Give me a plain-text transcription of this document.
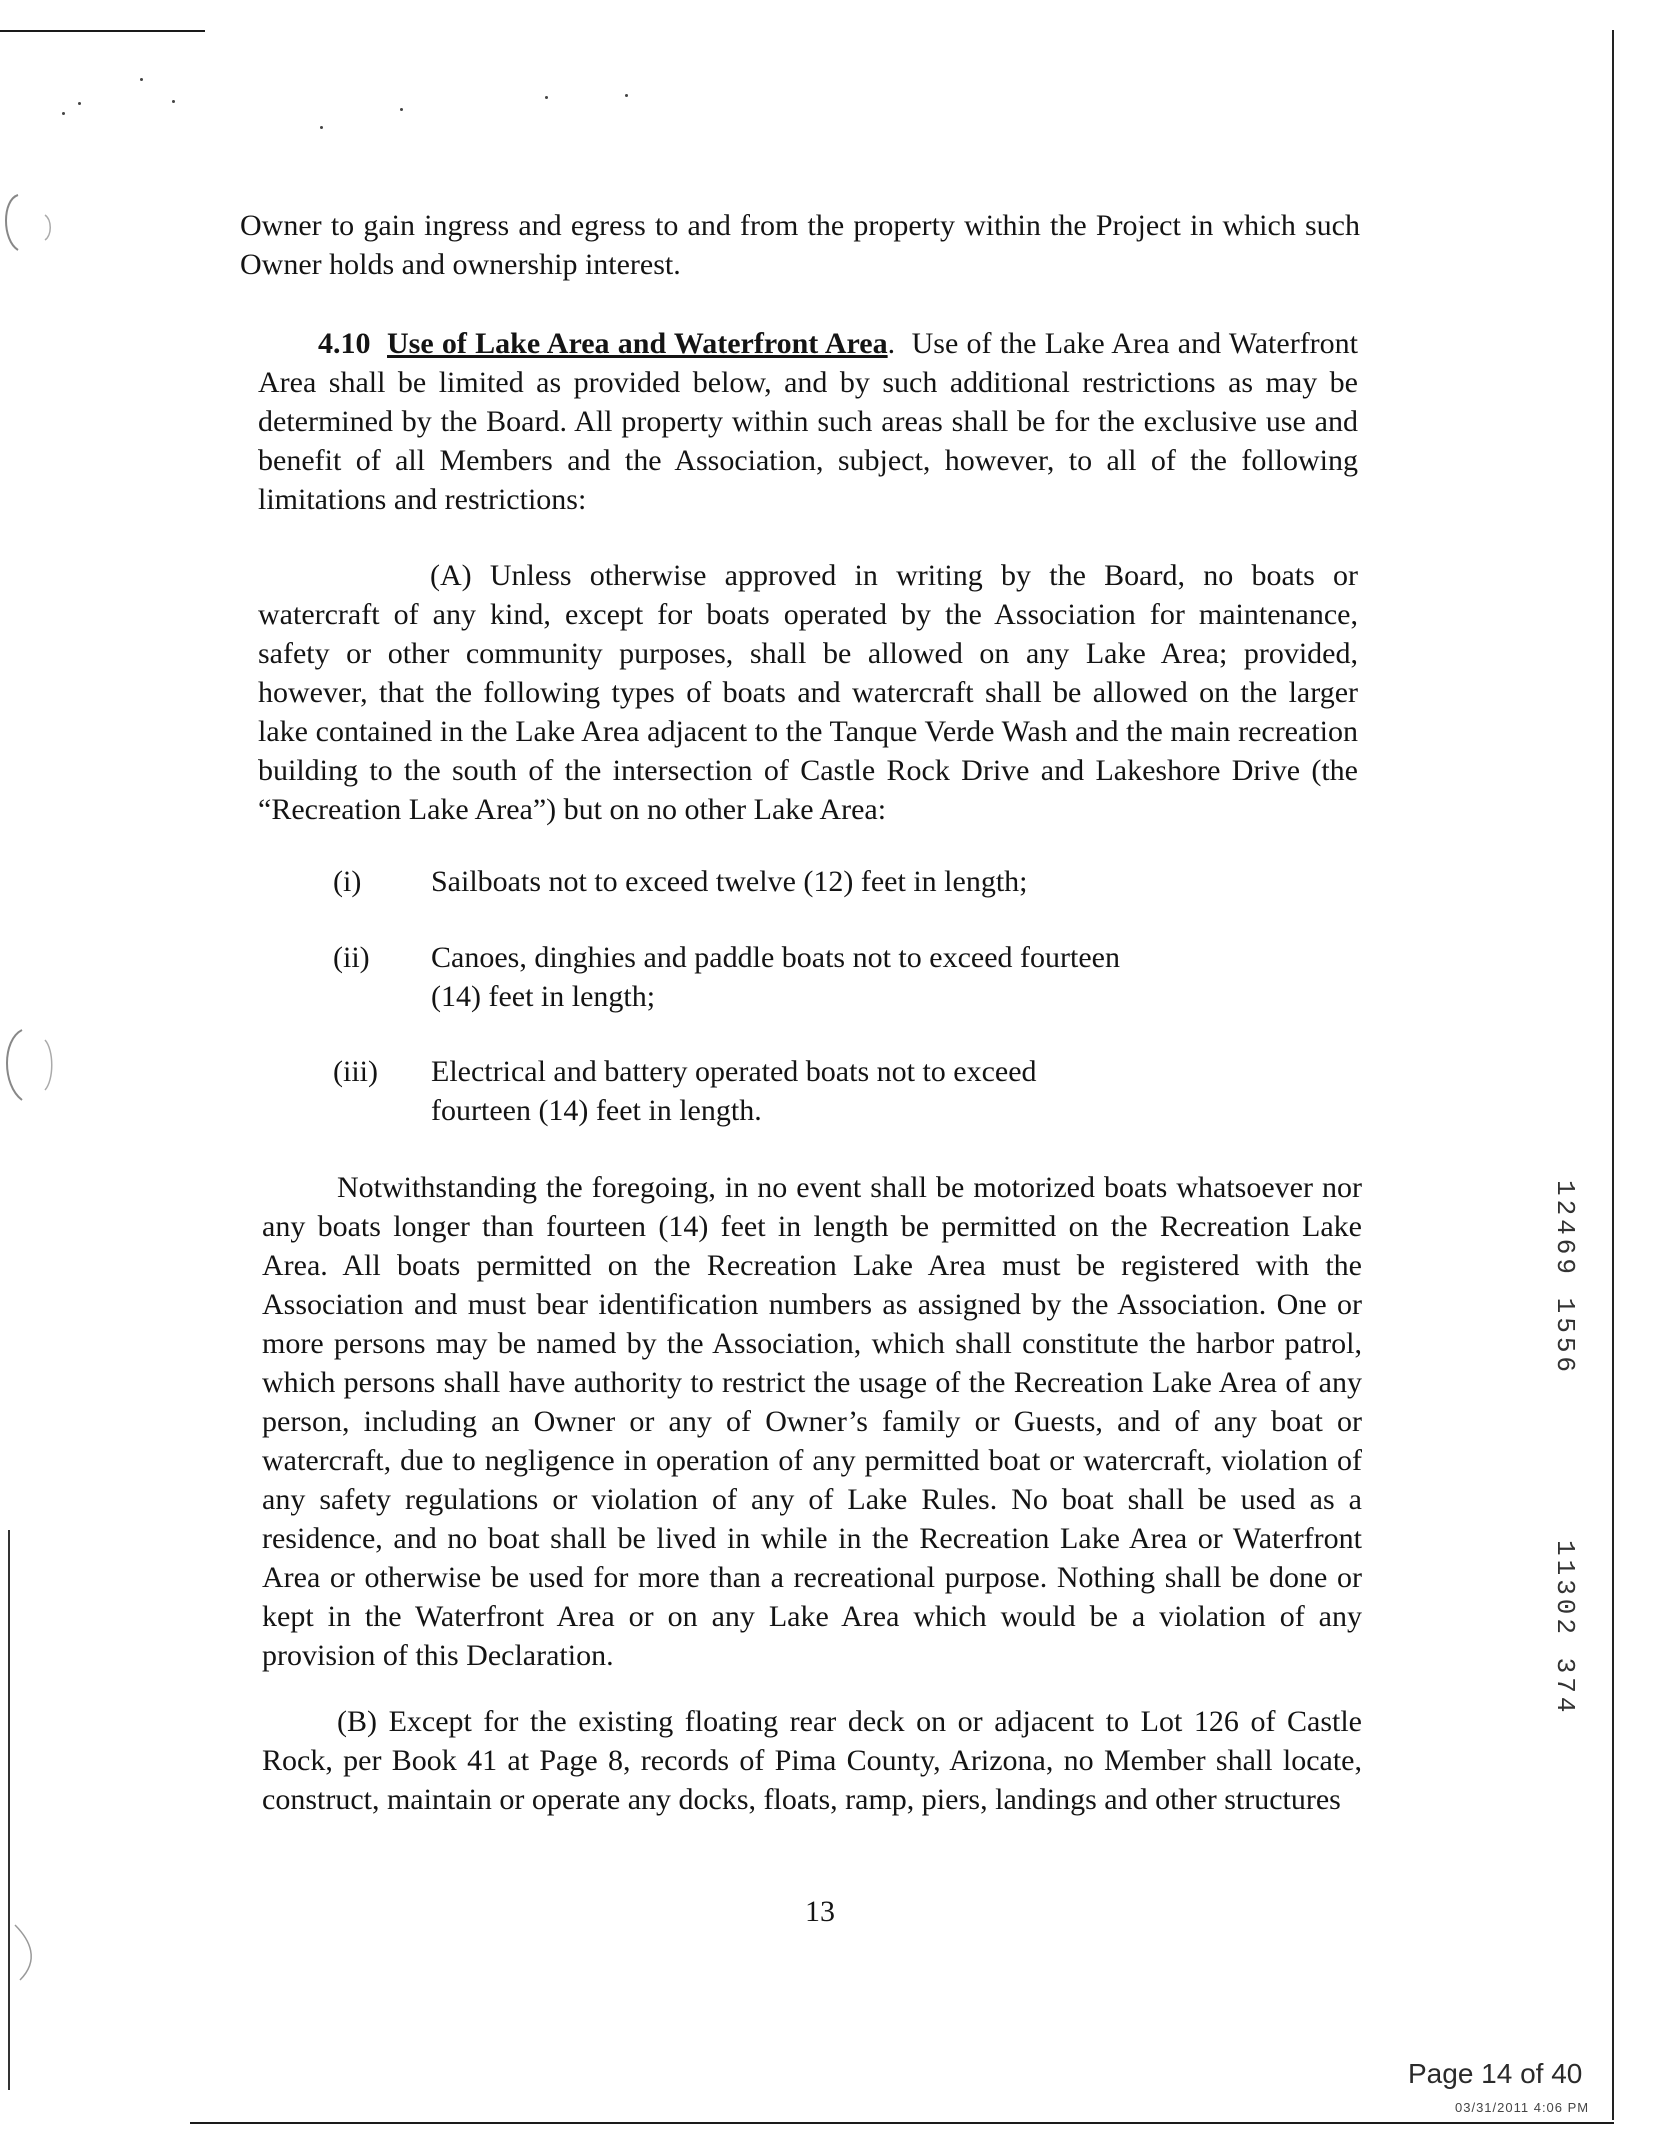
Owner to gain ingress and egress to and from the property within the Project in which such Owner holds and ownership interest.
4.10 Use of Lake Area and Waterfront Area. Use of the Lake Area and Waterfront Area shall be limited as provided below, and by such additional restrictions as may be determined by the Board. All property within such areas shall be for the exclusive use and benefit of all Members and the Association, subject, however, to all of the following limitations and restrictions:
(A) Unless otherwise approved in writing by the Board, no boats or watercraft of any kind, except for boats operated by the Association for maintenance, safety or other community purposes, shall be allowed on any Lake Area; provided, however, that the following types of boats and watercraft shall be allowed on the larger lake contained in the Lake Area adjacent to the Tanque Verde Wash and the main recreation building to the south of the intersection of Castle Rock Drive and Lakeshore Drive (the “Recreation Lake Area”) but on no other Lake Area:
(i) Sailboats not to exceed twelve (12) feet in length;
(ii) Canoes, dinghies and paddle boats not to exceed fourteen (14) feet in length;
(iii) Electrical and battery operated boats not to exceed fourteen (14) feet in length.
Notwithstanding the foregoing, in no event shall be motorized boats whatsoever nor any boats longer than fourteen (14) feet in length be permitted on the Recreation Lake Area. All boats permitted on the Recreation Lake Area must be registered with the Association and must bear identification numbers as assigned by the Association. One or more persons may be named by the Association, which shall constitute the harbor patrol, which persons shall have authority to restrict the usage of the Recreation Lake Area of any person, including an Owner or any of Owner’s family or Guests, and of any boat or watercraft, due to negligence in operation of any permitted boat or watercraft, violation of any safety regulations or violation of any of Lake Rules. No boat shall be used as a residence, and no boat shall be lived in while in the Recreation Lake Area or Waterfront Area or otherwise be used for more than a recreational purpose. Nothing shall be done or kept in the Waterfront Area or on any Lake Area which would be a violation of any provision of this Declaration.
(B) Except for the existing floating rear deck on or adjacent to Lot 126 of Castle Rock, per Book 41 at Page 8, records of Pima County, Arizona, no Member shall locate, construct, maintain or operate any docks, floats, ramp, piers, landings and other structures
13
12469 1556
11302 374
Page 14 of 40
03/31/2011 4:06 PM
